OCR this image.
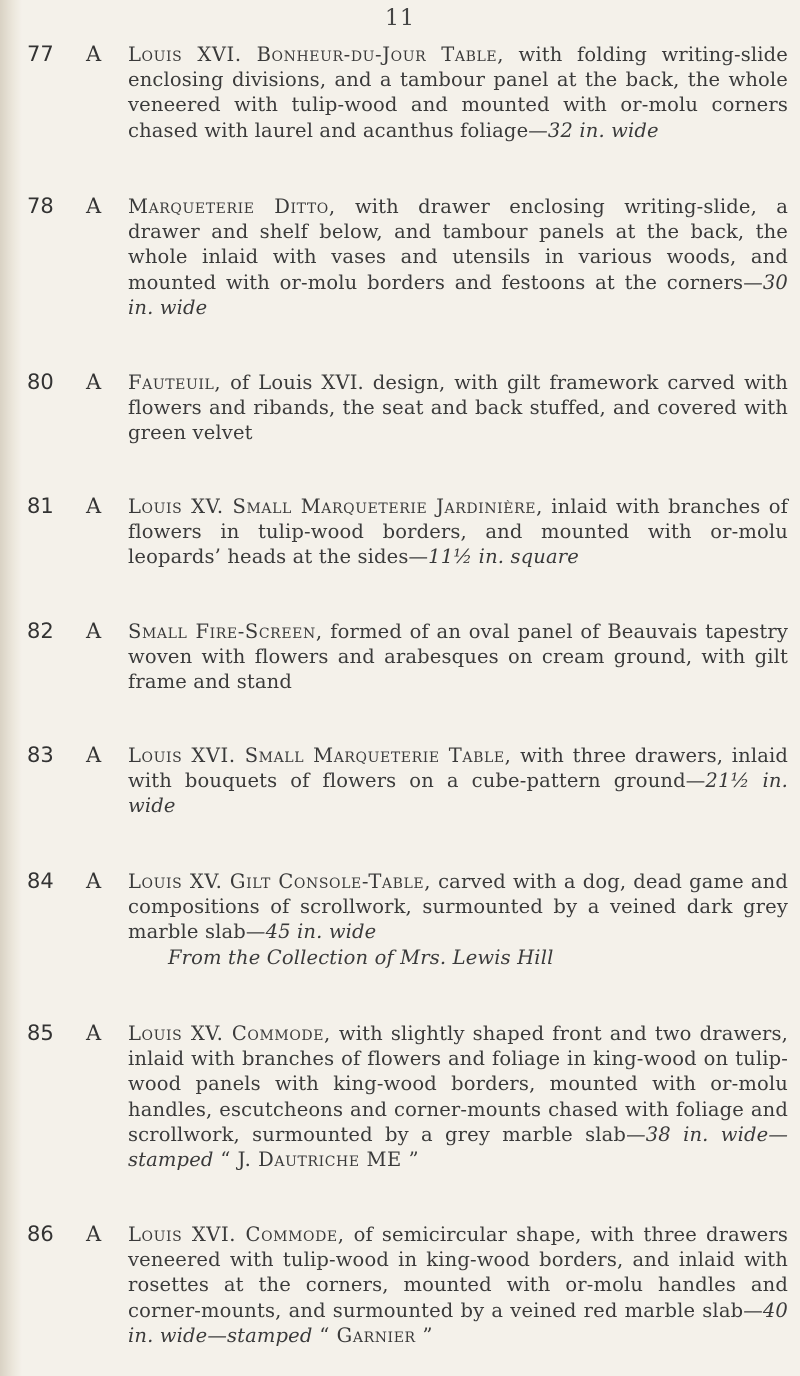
11
77 A Louis XVI. Bonheur-du-Jour Table, with folding writing-slide enclosing divisions, and a tambour panel at the back, the whole veneered with tulip-wood and mounted with or-molu corners chased with laurel and acanthus foliage—32 in. wide
78 A Marqueterie Ditto, with drawer enclosing writing-slide, a drawer and shelf below, and tambour panels at the back, the whole inlaid with vases and utensils in various woods, and mounted with or-molu borders and festoons at the corners—30 in. wide
80 A Fauteuil, of Louis XVI. design, with gilt framework carved with flowers and ribands, the seat and back stuffed, and covered with green velvet
81 A Louis XV. Small Marqueterie Jardinière, inlaid with branches of flowers in tulip-wood borders, and mounted with or-molu leopards’ heads at the sides—11½ in. square
82 A Small Fire-Screen, formed of an oval panel of Beauvais tapestry woven with flowers and arabesques on cream ground, with gilt frame and stand
83 A Louis XVI. Small Marqueterie Table, with three drawers, inlaid with bouquets of flowers on a cube-pattern ground—21½ in. wide
84 A Louis XV. Gilt Console-Table, carved with a dog, dead game and compositions of scrollwork, surmounted by a veined dark grey marble slab—45 in. wide
From the Collection of Mrs. Lewis Hill
85 A Louis XV. Commode, with slightly shaped front and two drawers, inlaid with branches of flowers and foliage in king-wood on tulip-wood panels with king-wood borders, mounted with or-molu handles, escutcheons and corner-mounts chased with foliage and scrollwork, surmounted by a grey marble slab—38 in. wide—stamped “ J. Dautriche ME ”
86 A Louis XVI. Commode, of semicircular shape, with three drawers veneered with tulip-wood in king-wood borders, and inlaid with rosettes at the corners, mounted with or-molu handles and corner-mounts, and surmounted by a veined red marble slab—40 in. wide—stamped “ Garnier ”
